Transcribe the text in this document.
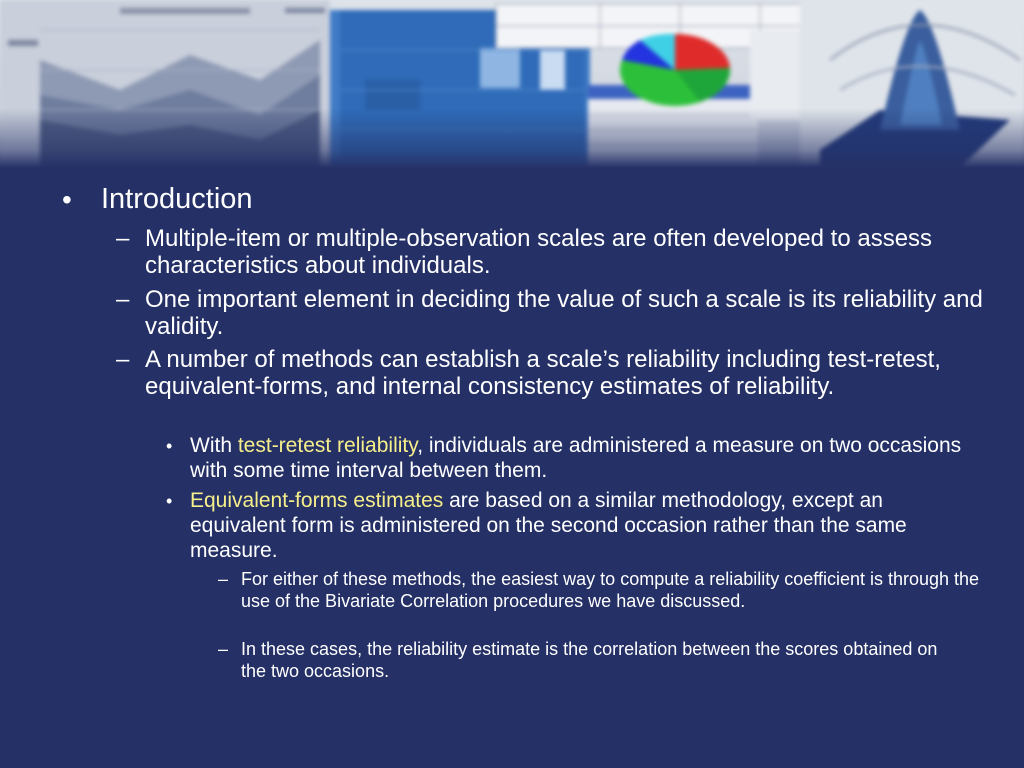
• Introduction
– Multiple-item or multiple-observation scales are often developed to assess characteristics about individuals.
– One important element in deciding the value of such a scale is its reliability and validity.
– A number of methods can establish a scale’s reliability including test-retest, equivalent-forms, and internal consistency estimates of reliability.
• With test-retest reliability, individuals are administered a measure on two occasions with some time interval between them.
• Equivalent-forms estimates are based on a similar methodology, except an equivalent form is administered on the second occasion rather than the same measure.
– For either of these methods, the easiest way to compute a reliability coefficient is through the use of the Bivariate Correlation procedures we have discussed.
– In these cases, the reliability estimate is the correlation between the scores obtained on the two occasions.
